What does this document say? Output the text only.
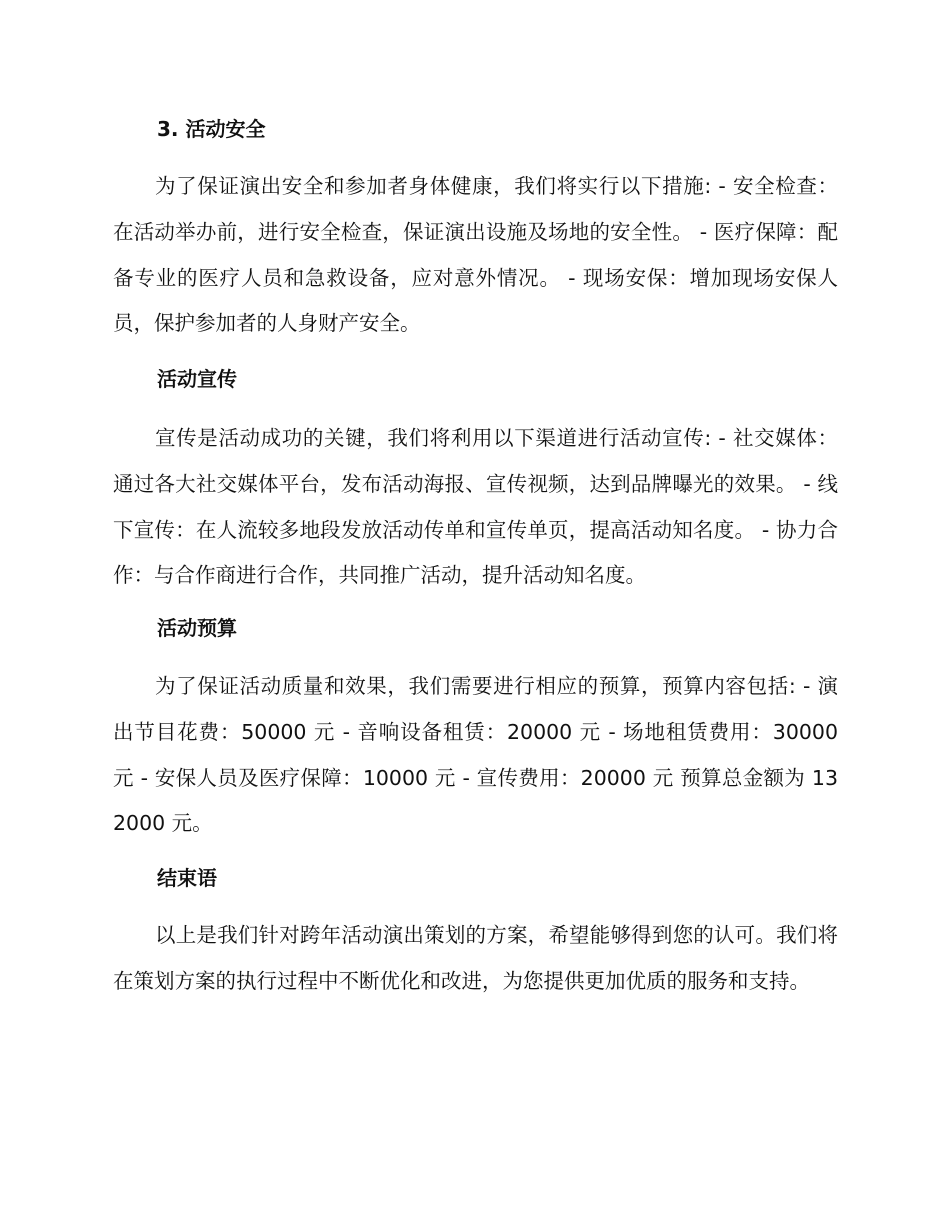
3. 活动安全
为了保证演出安全和参加者身体健康，我们将实行以下措施: - 安全检查：在活动举办前，进行安全检查，保证演出设施及场地的安全性。 - 医疗保障：配备专业的医疗人员和急救设备，应对意外情况。 - 现场安保：增加现场安保人员，保护参加者的人身财产安全。
活动宣传
宣传是活动成功的关键，我们将利用以下渠道进行活动宣传: - 社交媒体：通过各大社交媒体平台，发布活动海报、宣传视频，达到品牌曝光的效果。 - 线下宣传：在人流较多地段发放活动传单和宣传单页，提高活动知名度。 - 协力合作：与合作商进行合作，共同推广活动，提升活动知名度。
活动预算
为了保证活动质量和效果，我们需要进行相应的预算，预算内容包括: - 演出节目花费：50000 元 - 音响设备租赁：20000 元 - 场地租赁费用：30000 元 - 安保人员及医疗保障：10000 元 - 宣传费用：20000 元 预算总金额为 132000 元。
结束语
以上是我们针对跨年活动演出策划的方案，希望能够得到您的认可。我们将在策划方案的执行过程中不断优化和改进，为您提供更加优质的服务和支持。
